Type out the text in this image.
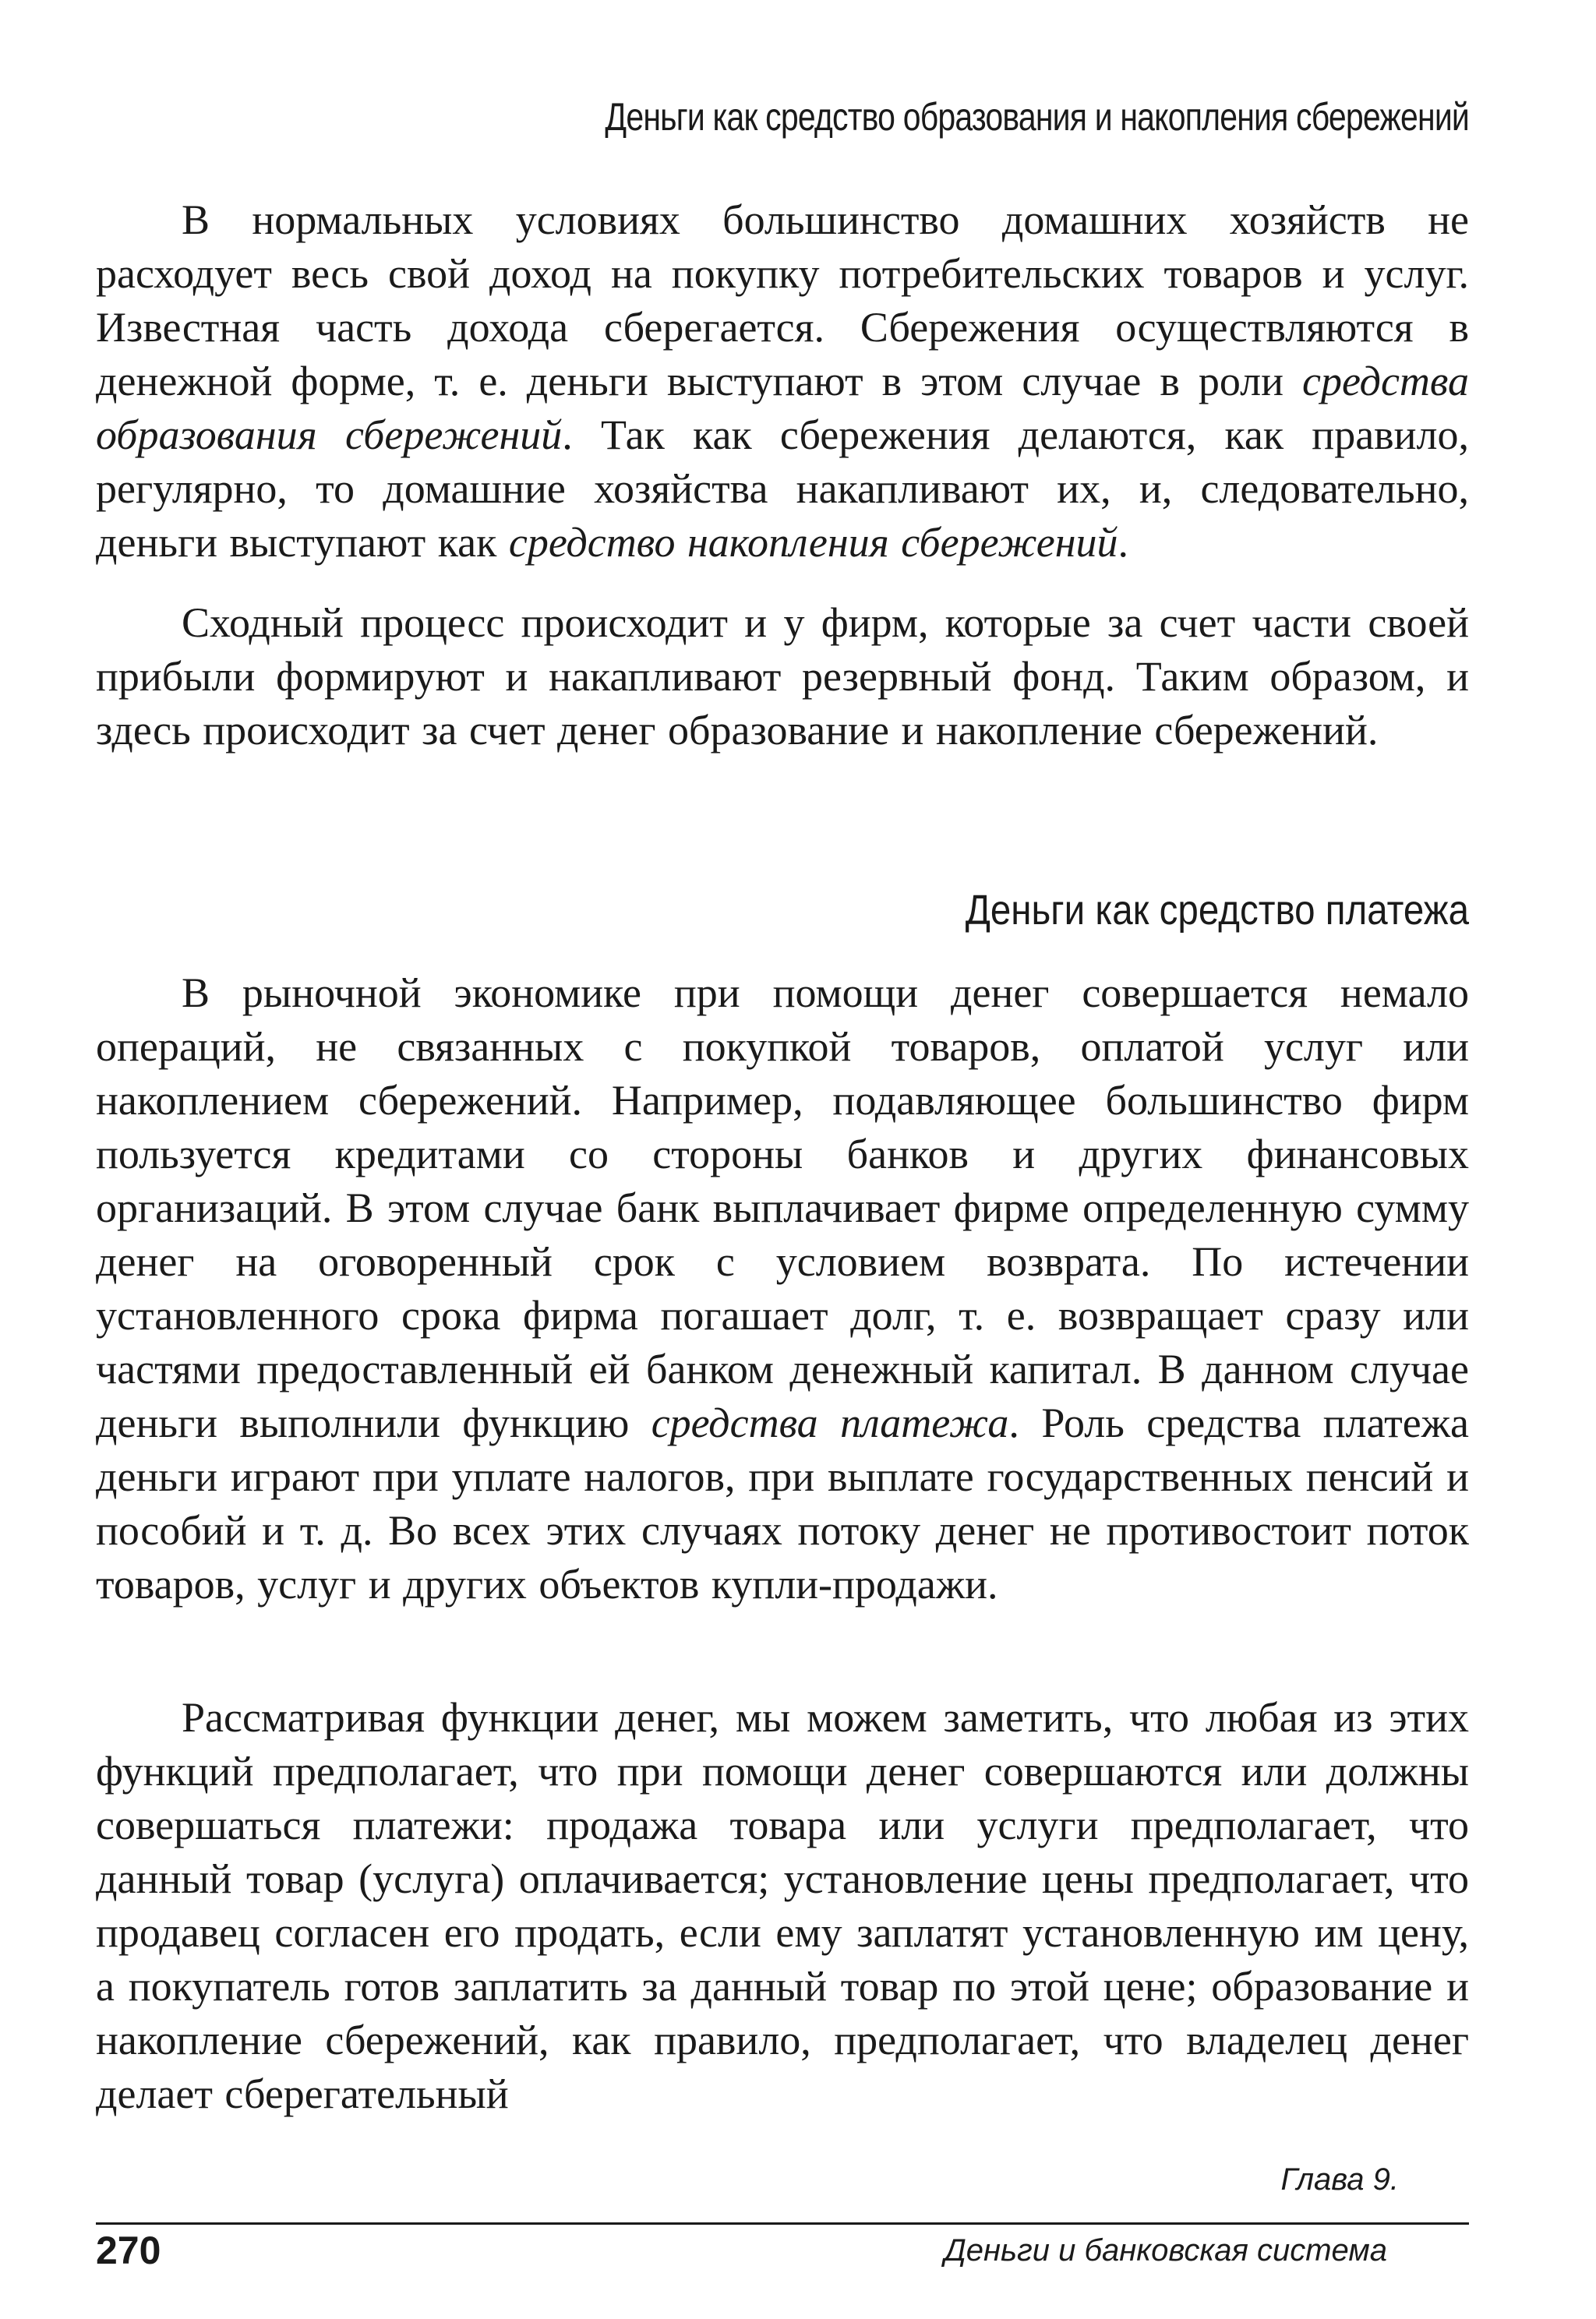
Деньги как средство образования и накопления сбережений

В нормальных условиях большинство домашних хозяйств не расходует весь свой доход на покупку потребительских товаров и услуг. Известная часть дохода сберегается. Сбережения осуществляются в денежной форме, т. е. деньги выступают в этом случае в роли средства образования сбережений. Так как сбережения делаются, как правило, регулярно, то домашние хозяйства накапливают их, и, следовательно, деньги выступают как средство накопления сбережений.

Сходный процесс происходит и у фирм, которые за счет части своей прибыли формируют и накапливают резервный фонд. Таким образом, и здесь происходит за счет денег образование и накопление сбережений.

Деньги как средство платежа

В рыночной экономике при помощи денег совершается немало операций, не связанных с покупкой товаров, оплатой услуг или накоплением сбережений. Например, подавляющее большинство фирм пользуется кредитами со стороны банков и других финансовых организаций. В этом случае банк выплачивает фирме определенную сумму денег на оговоренный срок с условием возврата. По истечении установленного срока фирма погашает долг, т. е. возвращает сразу или частями предоставленный ей банком денежный капитал. В данном случае деньги выполнили функцию средства платежа. Роль средства платежа деньги играют при уплате налогов, при выплате государственных пенсий и пособий и т. д. Во всех этих случаях потоку денег не противостоит поток товаров, услуг и других объектов купли-продажи.

Рассматривая функции денег, мы можем заметить, что любая из этих функций предполагает, что при помощи денег совершаются или должны совершаться платежи: продажа товара или услуги предполагает, что данный товар (услуга) оплачивается; установление цены предполагает, что продавец согласен его продать, если ему заплатят установленную им цену, а покупатель готов заплатить за данный товар по этой цене; образование и накопление сбережений, как правило, предполагает, что владелец денег делает сберегательный

Глава 9.
270	Деньги и банковская система
